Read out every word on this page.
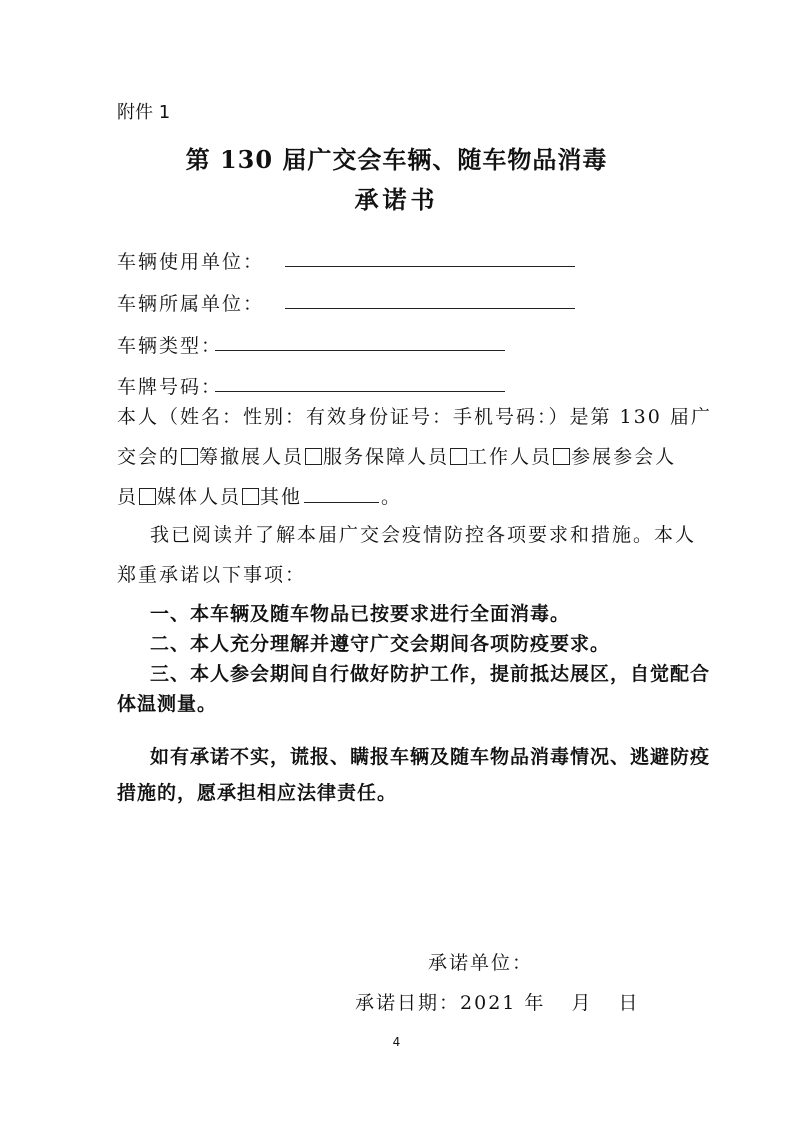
附件 1
第 130 届广交会车辆、随车物品消毒
承诺书
车辆使用单位：
车辆所属单位：
车辆类型：
车牌号码：
本人（姓名：性别：有效身份证号：手机号码：）是第 130 届广
交会的 筹撤展人员 服务保障人员 工作人员 参展参会人
员 媒体人员 其他	。
我已阅读并了解本届广交会疫情防控各项要求和措施。本人
郑重承诺以下事项：
一、本车辆及随车物品已按要求进行全面消毒。
二、本人充分理解并遵守广交会期间各项防疫要求。
三、本人参会期间自行做好防护工作，提前抵达展区，自觉配合
体温测量。
如有承诺不实，谎报、瞒报车辆及随车物品消毒情况、逃避防疫
措施的，愿承担相应法律责任。
承诺单位：
承诺日期：2021 年 月 日
4
